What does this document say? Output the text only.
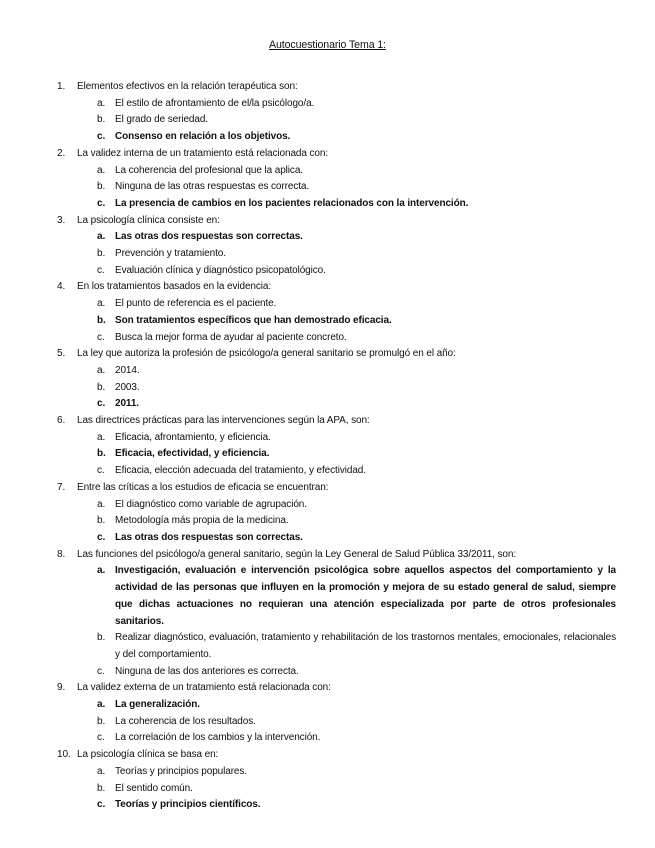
Autocuestionario Tema 1:
1. Elementos efectivos en la relación terapéutica son:
a. El estilo de afrontamiento de el/la psicólogo/a.
b. El grado de seriedad.
c. Consenso en relación a los objetivos.
2. La validez interna de un tratamiento está relacionada con:
a. La coherencia del profesional que la aplica.
b. Ninguna de las otras respuestas es correcta.
c. La presencia de cambios en los pacientes relacionados con la intervención.
3. La psicología clínica consiste en:
a. Las otras dos respuestas son correctas.
b. Prevención y tratamiento.
c. Evaluación clínica y diagnóstico psicopatológico.
4. En los tratamientos basados en la evidencia:
a. El punto de referencia es el paciente.
b. Son tratamientos específicos que han demostrado eficacia.
c. Busca la mejor forma de ayudar al paciente concreto.
5. La ley que autoriza la profesión de psicólogo/a general sanitario se promulgó en el año:
a. 2014.
b. 2003.
c. 2011.
6. Las directrices prácticas para las intervenciones según la APA, son:
a. Eficacia, afrontamiento, y eficiencia.
b. Eficacia, efectividad, y eficiencia.
c. Eficacia, elección adecuada del tratamiento, y efectividad.
7. Entre las críticas a los estudios de eficacia se encuentran:
a. El diagnóstico como variable de agrupación.
b. Metodología más propia de la medicina.
c. Las otras dos respuestas son correctas.
8. Las funciones del psicólogo/a general sanitario, según la Ley General de Salud Pública 33/2011, son:
a. Investigación, evaluación e intervención psicológica sobre aquellos aspectos del comportamiento y la actividad de las personas que influyen en la promoción y mejora de su estado general de salud, siempre que dichas actuaciones no requieran una atención especializada por parte de otros profesionales sanitarios.
b. Realizar diagnóstico, evaluación, tratamiento y rehabilitación de los trastornos mentales, emocionales, relacionales y del comportamiento.
c. Ninguna de las dos anteriores es correcta.
9. La validez externa de un tratamiento está relacionada con:
a. La generalización.
b. La coherencia de los resultados.
c. La correlación de los cambios y la intervención.
10. La psicología clínica se basa en:
a. Teorías y principios populares.
b. El sentido común.
c. Teorías y principios científicos.
